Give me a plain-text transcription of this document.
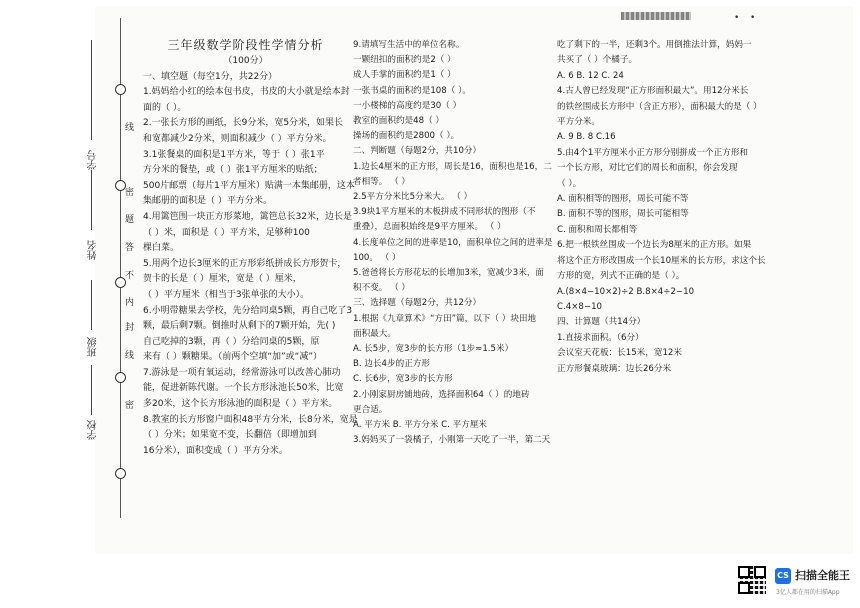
线
密
题
答
不
内
封
线
密
学号
姓名
班级
学校

三年级数学阶段性学情分析

（100分）

一、填空题（每空1分，共22分）

1.妈妈给小红的绘本包书皮，书皮的大小就是绘本封

面的（ ）。

2.一张长方形的画纸，长9分米，宽5分米，如果长

和宽都减少2分米，则面积减少（ ）平方分米。

3.1张餐桌的面积是1平方米，等于（ ）张1平

方分米的餐垫，或（ ）张1平方厘米的贴纸；

500片邮票（每片1平方厘米）贴满一本集邮册，这本

集邮册的面积是（ ）平方分米。

4.用篱笆围一块正方形菜地，篱笆总长32米，边长是

（ ）米，面积是（ ）平方米，足够种100

棵白菜。

5.用两个边长3厘米的正方形彩纸拼成长方形贺卡，

贺卡的长是（ ）厘米，宽是（ ）厘米，

（ ）平方厘米（相当于3张单张的大小）。

6.小明带糖果去学校，先分给同桌5颗，再自己吃了3

颗，最后剩7颗。倒推时从剩下的7颗开始，先( )

自己吃掉的3颗，再（ ）分给同桌的5颗，原

来有（ ）颗糖果。（前两个空填“加”或“减”）

7.游泳是一项有氧运动，经常游泳可以改善心肺功

能，促进新陈代谢。一个长方形泳池长50米，比宽

多20米，这个长方形泳池的面积是（ ）平方米。

8.教室的长方形窗户面积48平方分米，长8分米，宽是

（ ）分米；如果宽不变，长翻倍（即增加到

16分米），面积变成（ ）平方分米。

9.请填写生活中的单位名称。

一颗纽扣的面积约是2（ ）

成人手掌的面积约是1（ ）

一张书桌的面积约是108（ ）。

一小楼梯的高度约是30（ ）

教室的面积约是48（ ）

操场的面积约是2800（ ）。

二、判断题（每题2分，共10分）

1.边长4厘米的正方形，周长是16，面积也是16，二

者相等。 （ ）

2.5平方分米比5分米大。 （ ）

3.9块1平方厘米的木板拼成不同形状的图形（不

重叠），总面积始终是9平方厘米。 （ ）

4.长度单位之间的进率是10，面积单位之间的进率是

100。 （ ）

5.爸爸将长方形花坛的长增加3米，宽减少3米，面

积不变。 （ ）

三、选择题（每题2分，共12分）

1.根据《九章算术》“方田”篇，以下（ ）块田地

面积最大。

A. 长5步，宽3步的长方形（1步≈1.5米）

B. 边长4步的正方形

C. 长6步，宽3步的长方形

2.小刚家厨房铺地砖，选择面积64（ ）的地砖

更合适。

A. 平方米 B. 平方分米 C. 平方厘米

3.妈妈买了一袋橘子，小刚第一天吃了一半，第二天

• •

吃了剩下的一半，还剩3个。用倒推法计算，妈妈一

共买了（ ）个橘子。

A. 6 B. 12 C. 24

4.古人曾已经发现“正方形面积最大”。用12分米长

的铁丝围成长方形中（含正方形），面积最大的是（ ）

平方分米。

A. 9 B. 8 C.16

5.由4个1平方厘米小正方形分别拼成一个正方形和

一个长方形，对比它们的周长和面积，你会发现

（ ）。

A. 面积相等的图形，周长可能不等

B. 面积不等的图形，周长可能相等

C. 面积和周长都相等

6.把一根铁丝围成一个边长为8厘米的正方形。如果

将这个正方形改围成一个长10厘米的长方形，求这个长

方形的宽，列式不正确的是（ ）。

A.(8×4−10×2)÷2 B.8×4÷2−10

C.4×8−10

四、计算题（共14分）

1.直接求面积。（6分）

会议室天花板：长15米，宽12米

正方形餐桌玻璃：边长26分米

CS 扫描全能王
3亿人都在用的扫描App
